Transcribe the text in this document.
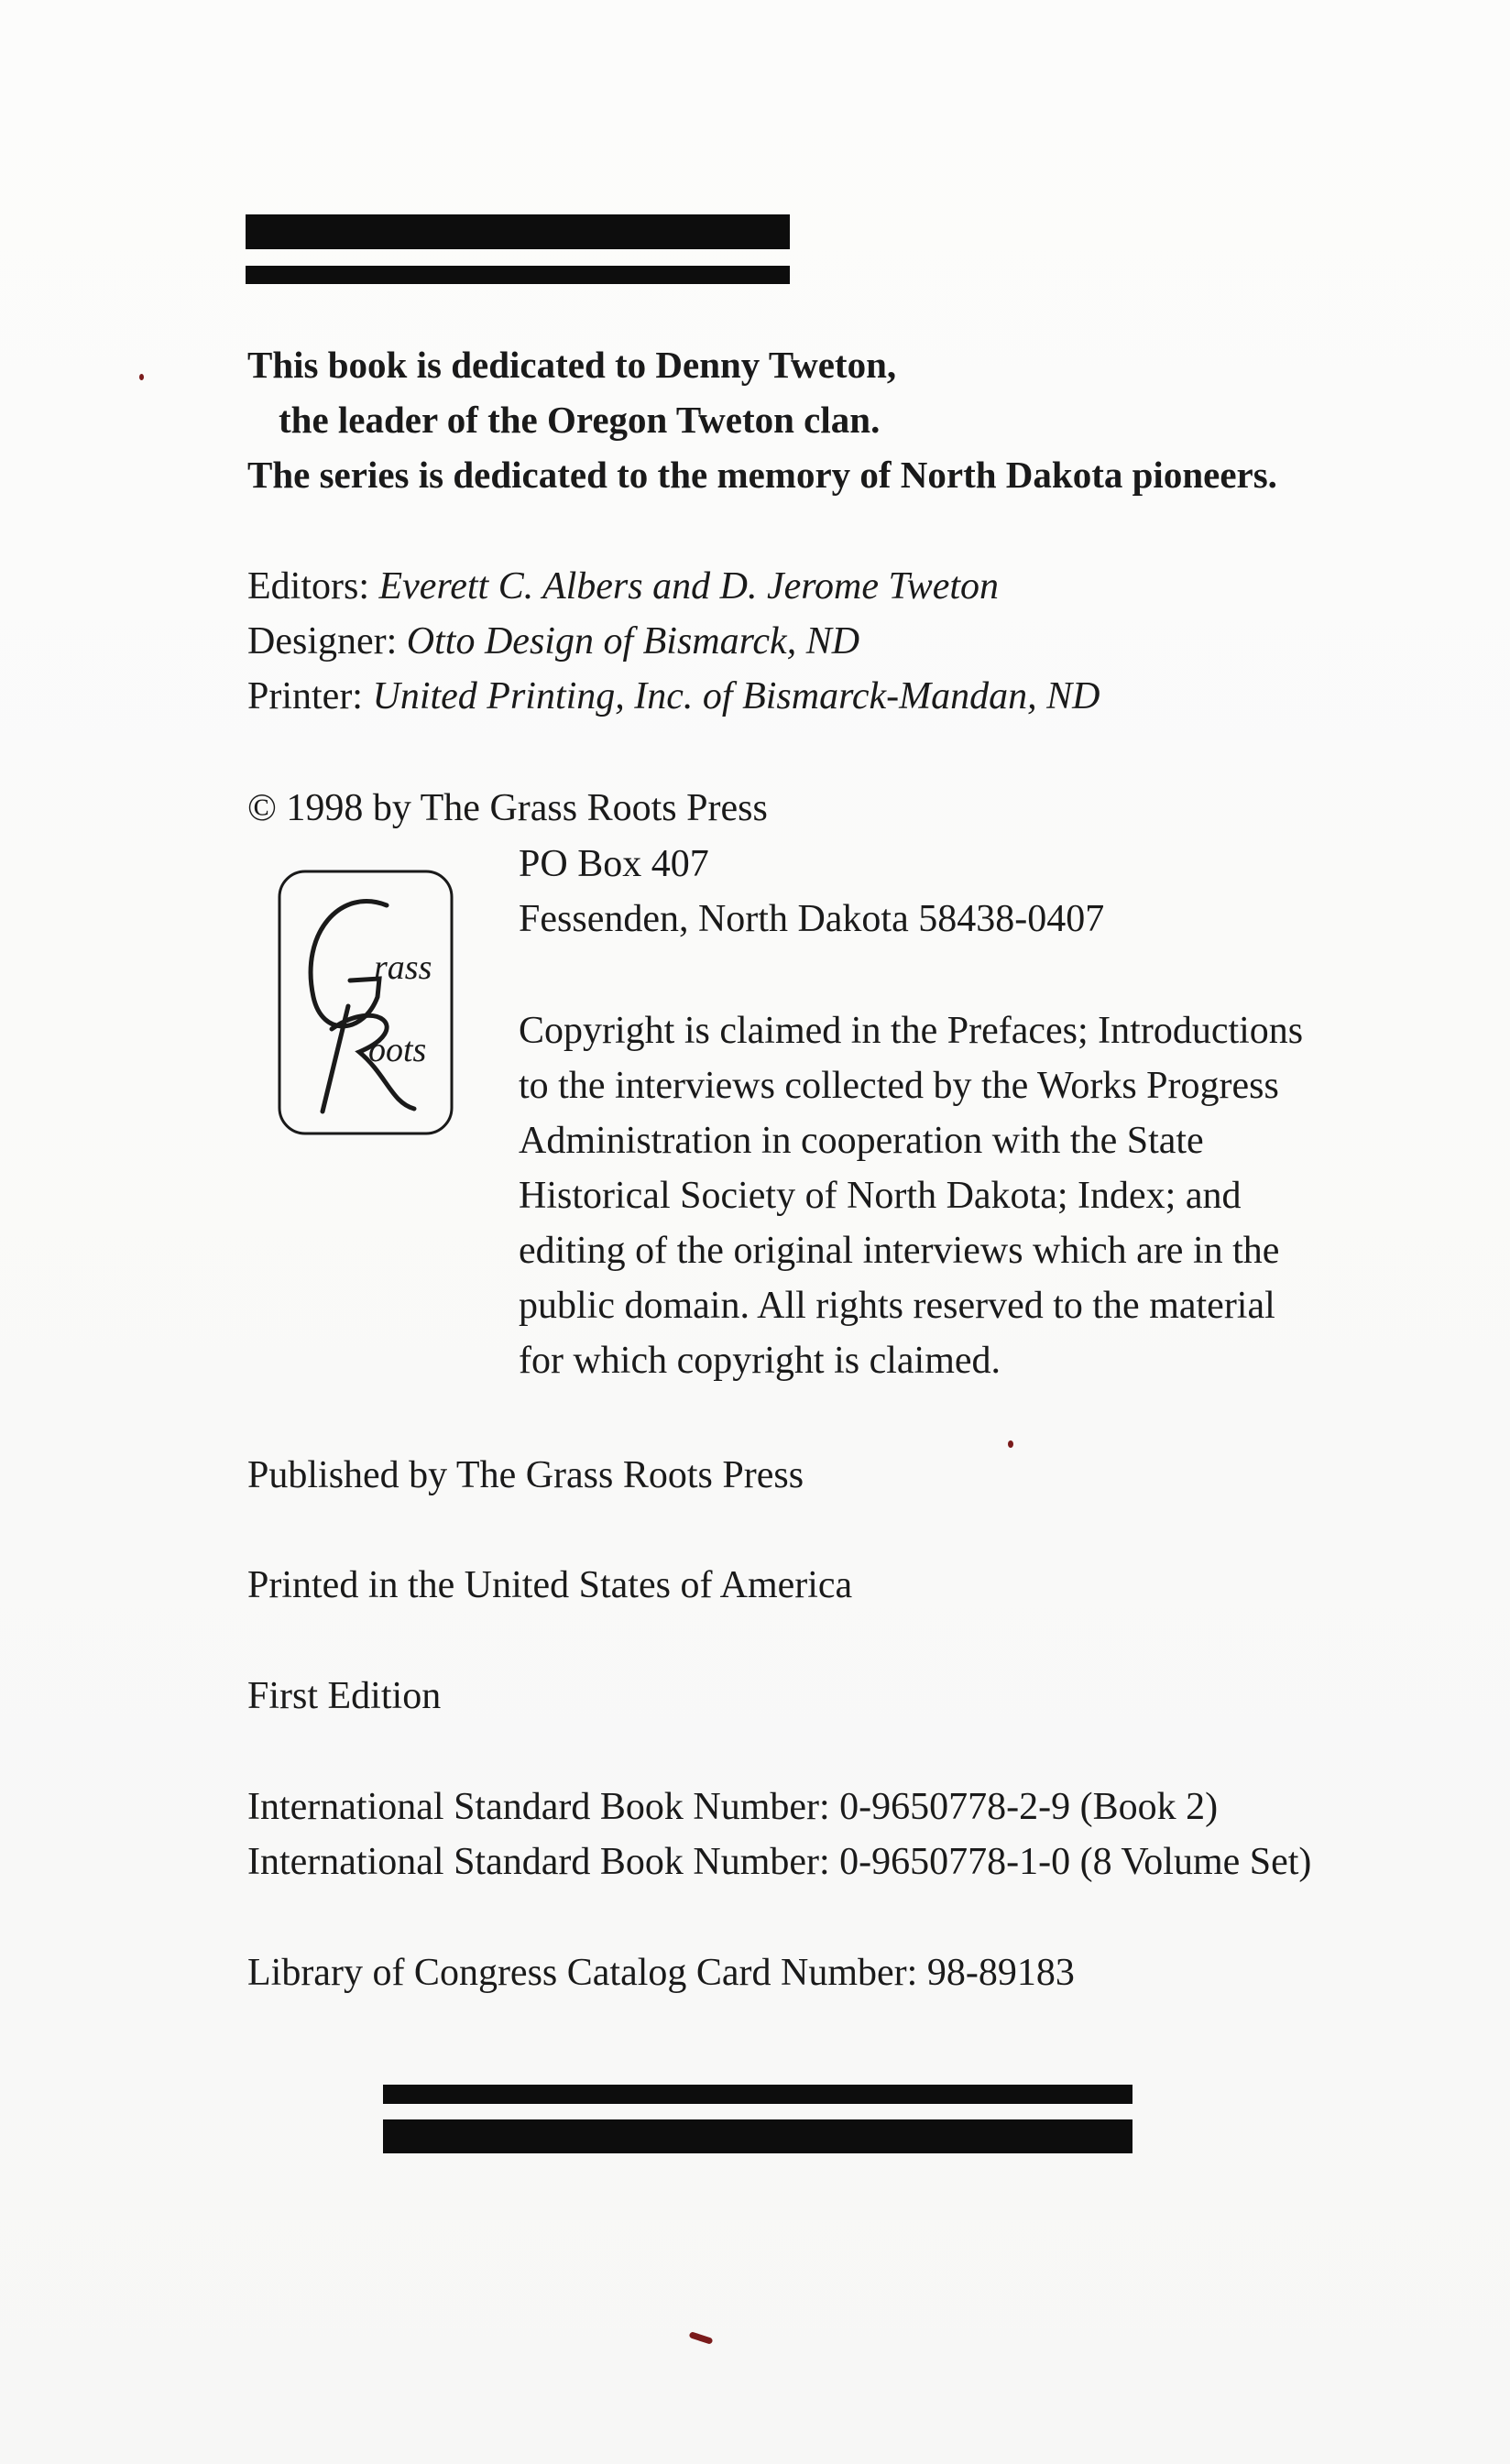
This book is dedicated to Denny Tweton,
the leader of the Oregon Tweton clan.
The series is dedicated to the memory of North Dakota pioneers.
Editors: Everett C. Albers and D. Jerome Tweton
Designer: Otto Design of Bismarck, ND
Printer: United Printing, Inc. of Bismarck-Mandan, ND
© 1998 by The Grass Roots Press
PO Box 407
Fessenden, North Dakota 58438-0407
rass
oots Copyright is claimed in the Prefaces; Introductions
to the interviews collected by the Works Progress
Administration in cooperation with the State
Historical Society of North Dakota; Index; and
editing of the original interviews which are in the
public domain. All rights reserved to the material
for which copyright is claimed.
Published by The Grass Roots Press
Printed in the United States of America
First Edition
International Standard Book Number: 0-9650778-2-9 (Book 2)
International Standard Book Number: 0-9650778-1-0 (8 Volume Set)
Library of Congress Catalog Card Number: 98-89183
